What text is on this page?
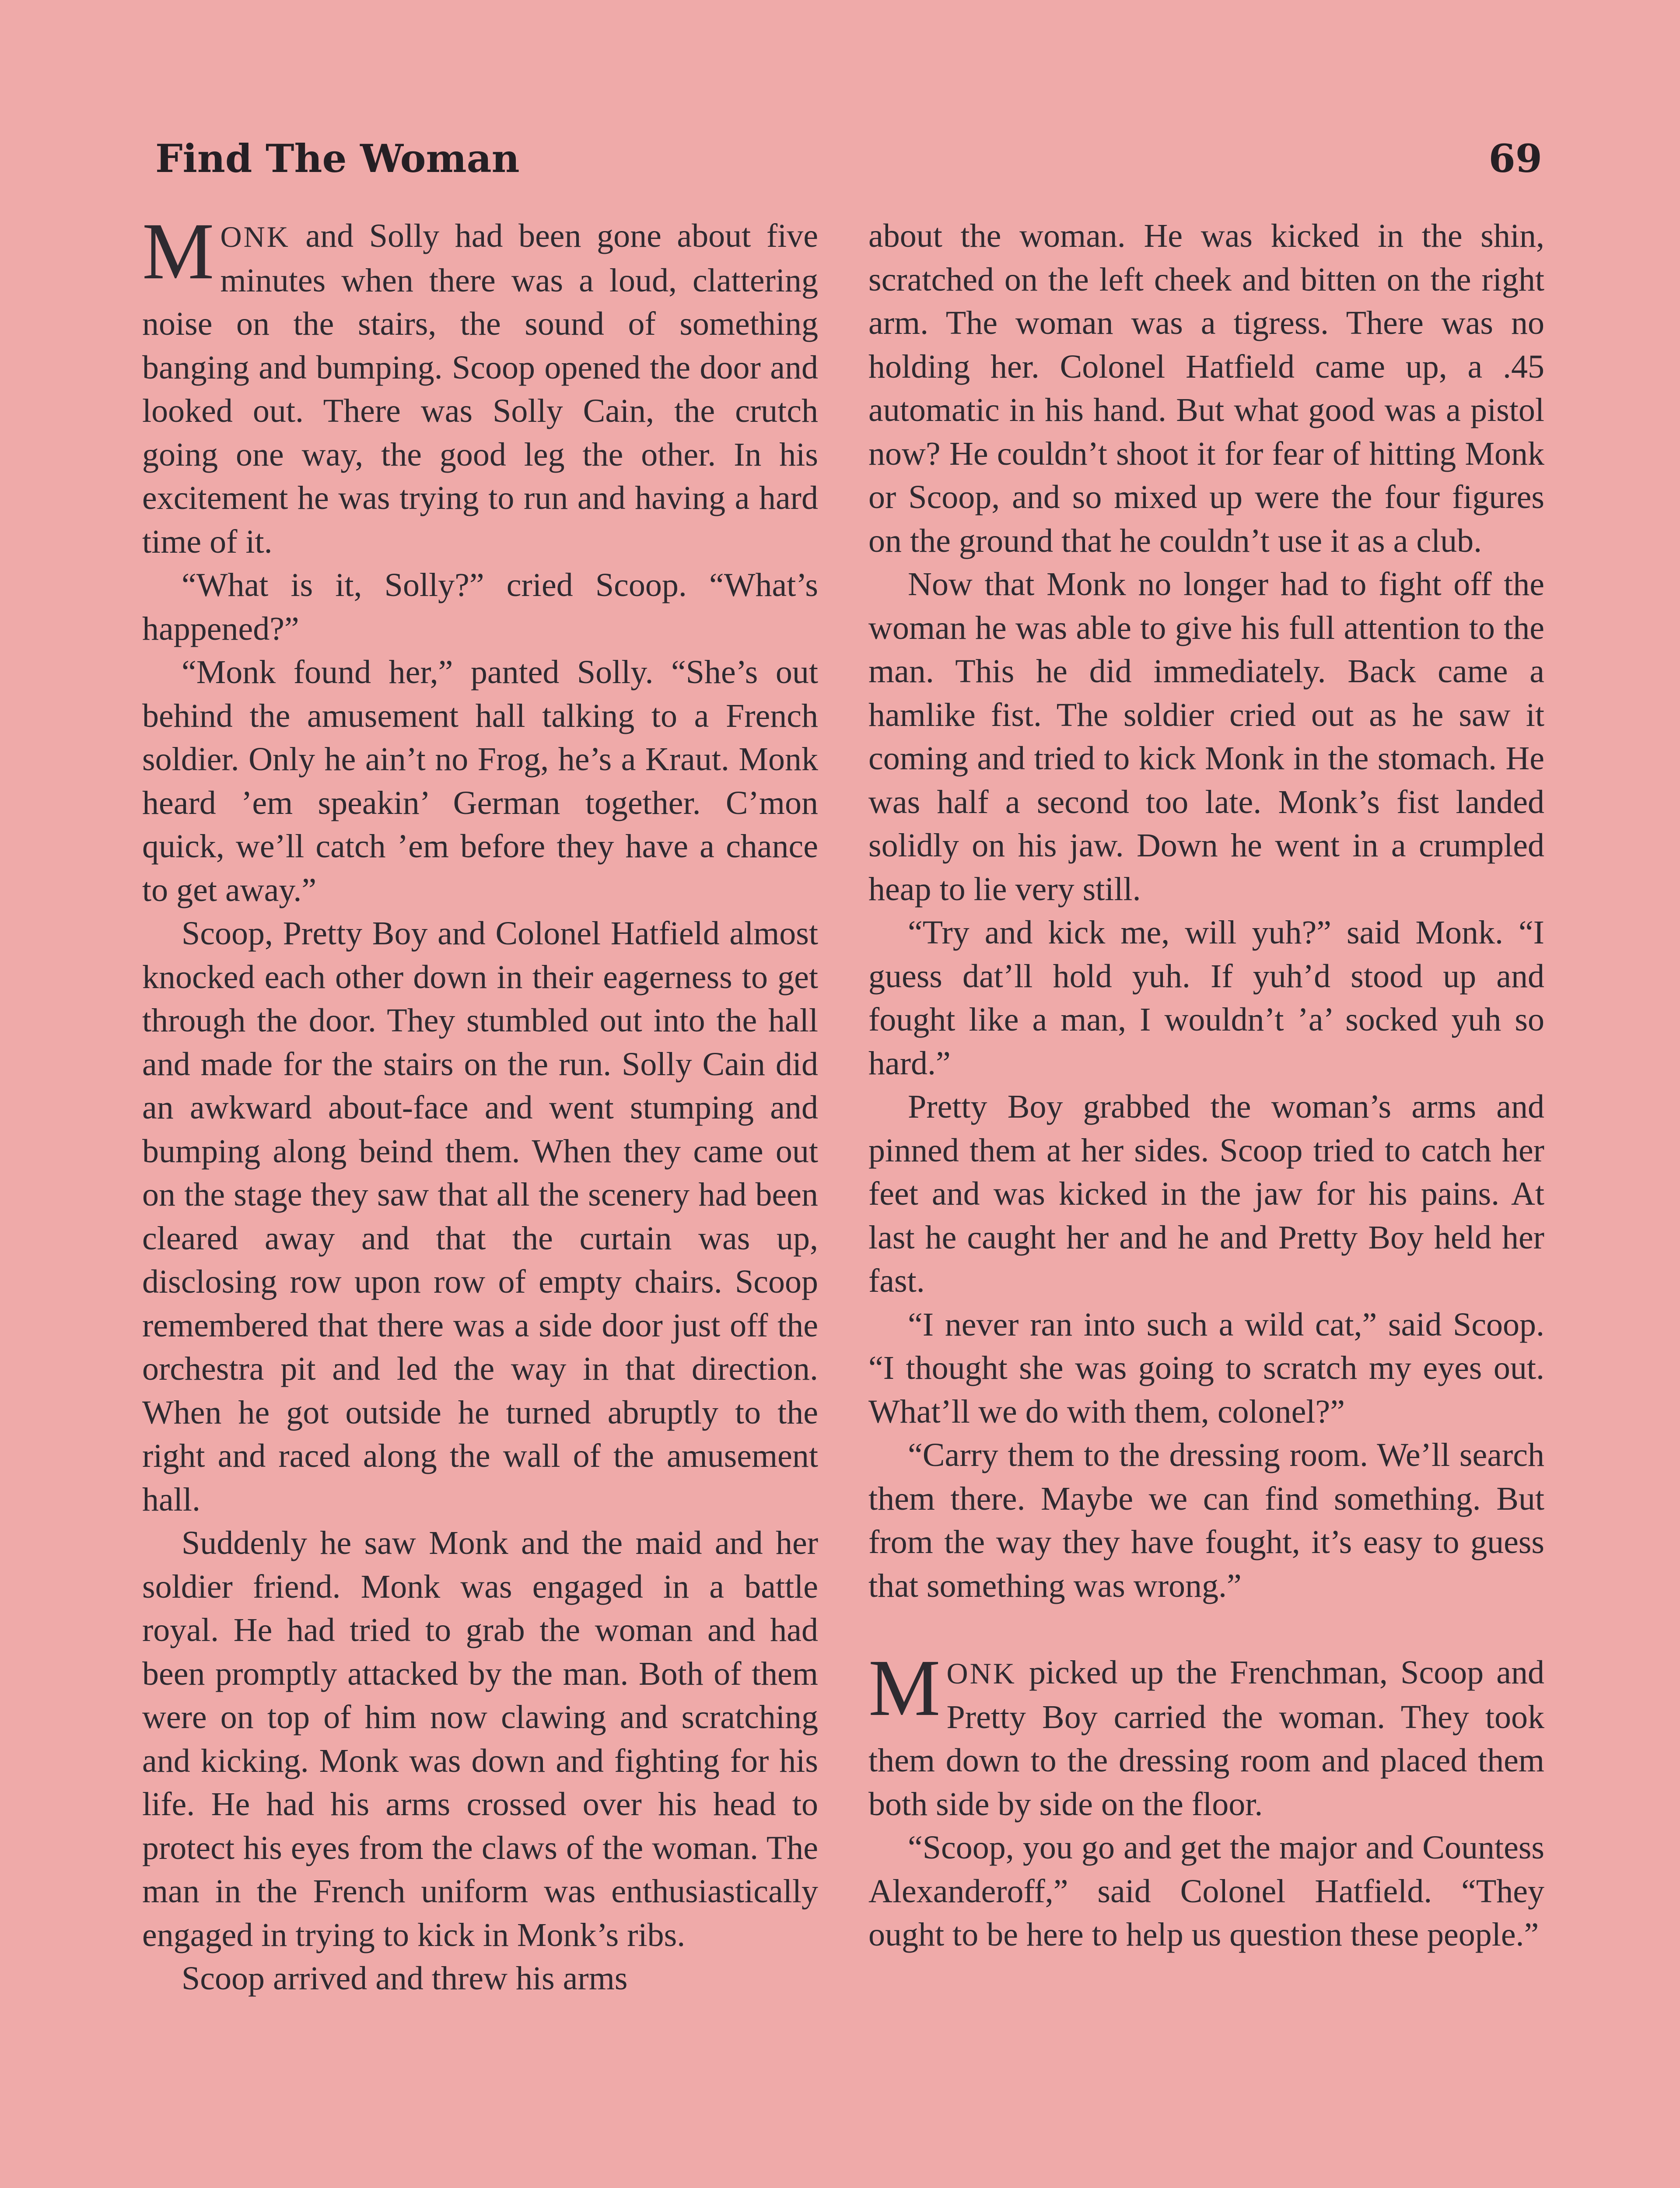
Find The Woman	69

MONK and Solly had been gone about five minutes when there was a loud, clattering noise on the stairs, the sound of something banging and bumping. Scoop opened the door and looked out. There was Solly Cain, the crutch going one way, the good leg the other. In his excitement he was trying to run and having a hard time of it.

“What is it, Solly?” cried Scoop. “What’s happened?”

“Monk found her,” panted Solly. “She’s out behind the amusement hall talking to a French soldier. Only he ain’t no Frog, he’s a Kraut. Monk heard ’em speakin’ German together. C’mon quick, we’ll catch ’em before they have a chance to get away.”

Scoop, Pretty Boy and Colonel Hatfield almost knocked each other down in their eagerness to get through the door. They stumbled out into the hall and made for the stairs on the run. Solly Cain did an awkward about-face and went stumping and bumping along beind them. When they came out on the stage they saw that all the scenery had been cleared away and that the curtain was up, disclosing row upon row of empty chairs. Scoop remembered that there was a side door just off the orchestra pit and led the way in that direction. When he got outside he turned abruptly to the right and raced along the wall of the amusement hall.

Suddenly he saw Monk and the maid and her soldier friend. Monk was engaged in a battle royal. He had tried to grab the woman and had been promptly attacked by the man. Both of them were on top of him now clawing and scratching and kicking. Monk was down and fighting for his life. He had his arms crossed over his head to protect his eyes from the claws of the woman. The man in the French uniform was enthusiastically engaged in trying to kick in Monk’s ribs.

Scoop arrived and threw his arms

about the woman. He was kicked in the shin, scratched on the left cheek and bitten on the right arm. The woman was a tigress. There was no holding her. Colonel Hatfield came up, a .45 automatic in his hand. But what good was a pistol now? He couldn’t shoot it for fear of hitting Monk or Scoop, and so mixed up were the four figures on the ground that he couldn’t use it as a club.

Now that Monk no longer had to fight off the woman he was able to give his full attention to the man. This he did immediately. Back came a hamlike fist. The soldier cried out as he saw it coming and tried to kick Monk in the stomach. He was half a second too late. Monk’s fist landed solidly on his jaw. Down he went in a crumpled heap to lie very still.

“Try and kick me, will yuh?” said Monk. “I guess dat’ll hold yuh. If yuh’d stood up and fought like a man, I wouldn’t ’a’ socked yuh so hard.”

Pretty Boy grabbed the woman’s arms and pinned them at her sides. Scoop tried to catch her feet and was kicked in the jaw for his pains. At last he caught her and he and Pretty Boy held her fast.

“I never ran into such a wild cat,” said Scoop. “I thought she was going to scratch my eyes out. What’ll we do with them, colonel?”

“Carry them to the dressing room. We’ll search them there. Maybe we can find something. But from the way they have fought, it’s easy to guess that something was wrong.”

MONK picked up the Frenchman, Scoop and Pretty Boy carried the woman. They took them down to the dressing room and placed them both side by side on the floor.

“Scoop, you go and get the major and Countess Alexanderoff,” said Colonel Hatfield. “They ought to be here to help us question these people.”
